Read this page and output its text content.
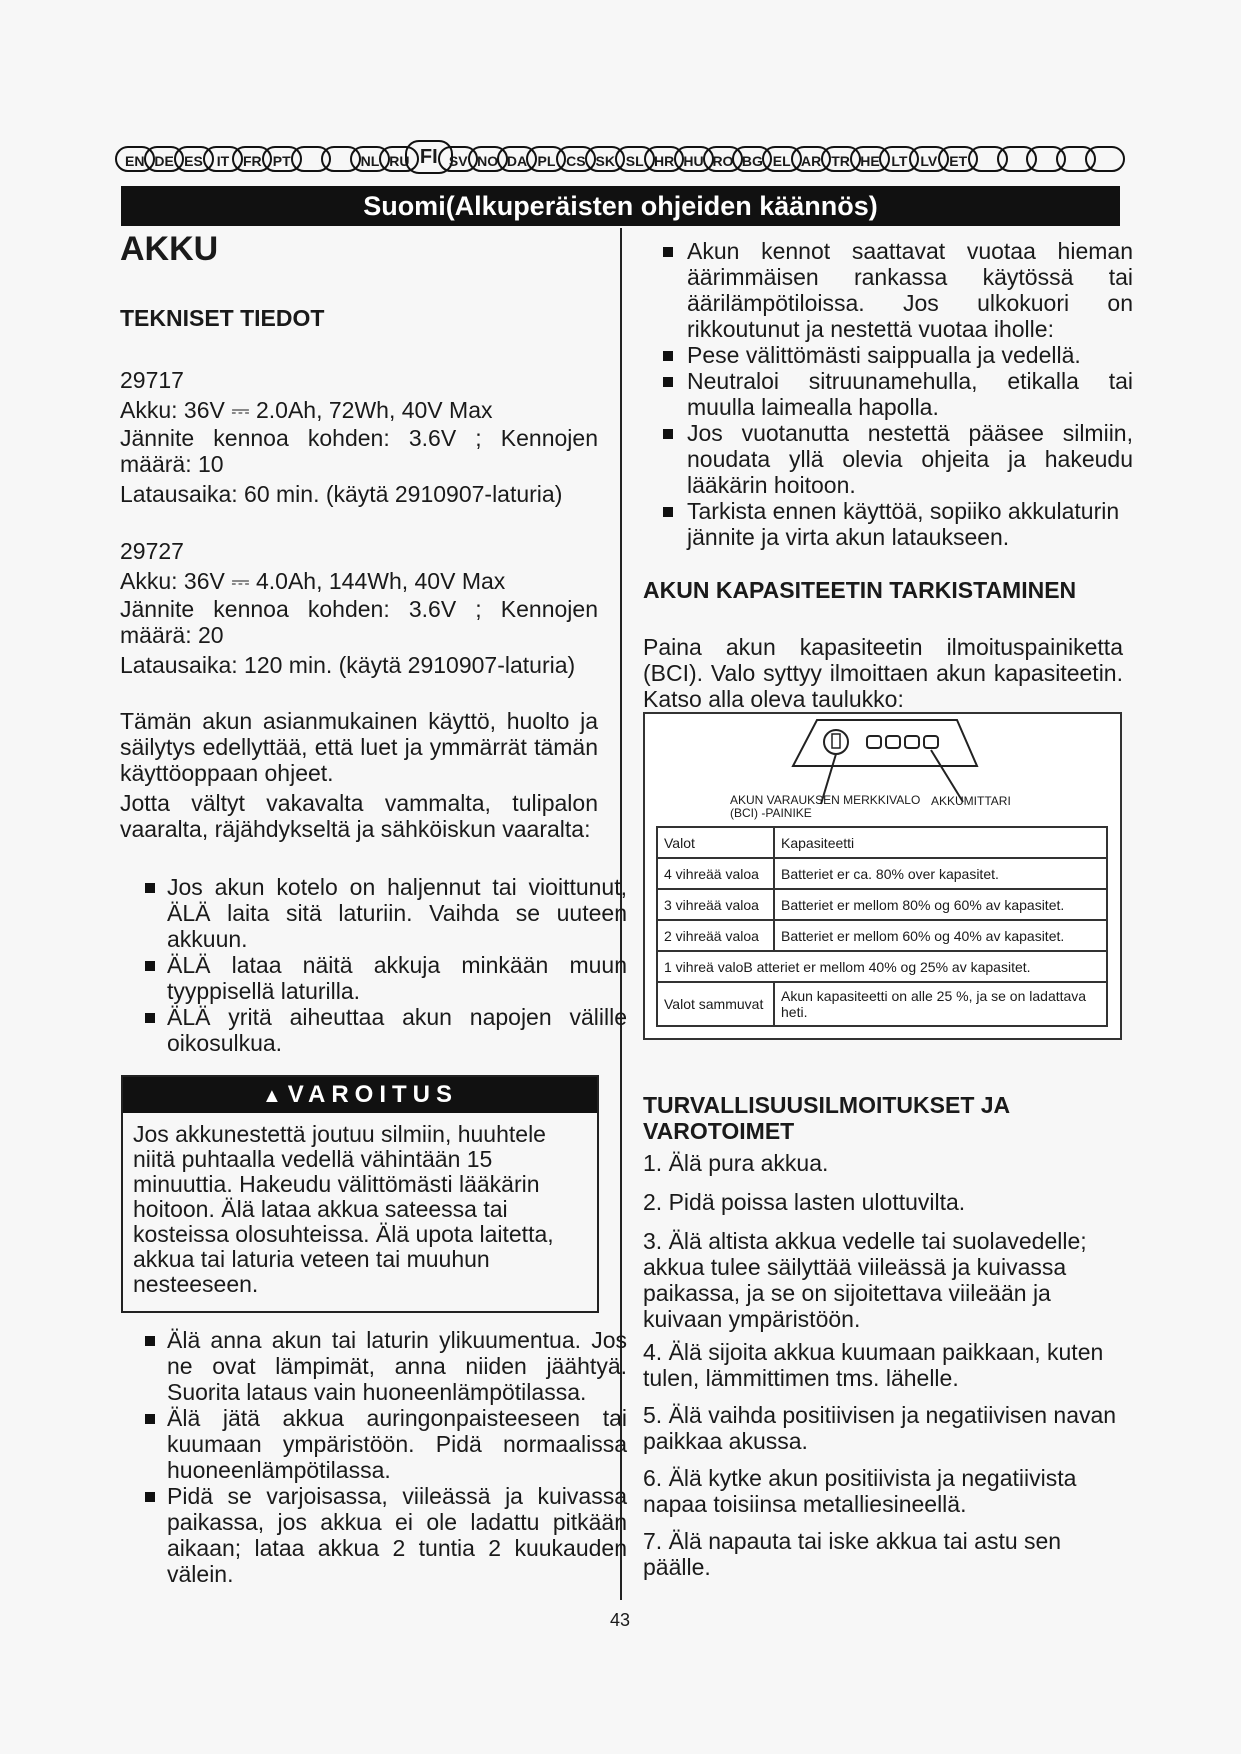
EN DE ES IT FR PT	NL RU FI SV NO DA PL CS SK SL HR HU RO BG EL AR TR HE LT LV ET
Suomi(Alkuperäisten ohjeiden käännös)
AKKU
TEKNISET TIEDOT
29717
Akku: 36V ⎓ 2.0Ah, 72Wh, 40V Max
Jännite kennoa kohden: 3.6V ; Kennojen määrä: 10
Latausaika: 60 min. (käytä 2910907-laturia)
29727
Akku: 36V ⎓ 4.0Ah, 144Wh, 40V Max
Jännite kennoa kohden: 3.6V ; Kennojen määrä: 20
Latausaika: 120 min. (käytä 2910907-laturia)
Tämän akun asianmukainen käyttö, huolto ja säilytys edellyttää, että luet ja ymmärrät tämän käyttöoppaan ohjeet.
Jotta vältyt vakavalta vammalta, tulipalon vaaralta, räjähdykseltä ja sähköiskun vaaralta:
Jos akun kotelo on haljennut tai vioittunut, ÄLÄ laita sitä laturiin. Vaihda se uuteen akkuun.
ÄLÄ lataa näitä akkuja minkään muun tyyppisellä laturilla.
ÄLÄ yritä aiheuttaa akun napojen välille oikosulkua.
▲ VAROITUS
Jos akkunestettä joutuu silmiin, huuhtele niitä puhtaalla vedellä vähintään 15 minuuttia. Hakeudu välittömästi lääkärin hoitoon. Älä lataa akkua sateessa tai kosteissa olosuhteissa. Älä upota laitetta, akkua tai laturia veteen tai muuhun nesteeseen.
Älä anna akun tai laturin ylikuumentua. Jos ne ovat lämpimät, anna niiden jäähtyä. Suorita lataus vain huoneenlämpötilassa.
Älä jätä akkua auringonpaisteeseen tai kuumaan ympäristöön. Pidä normaalissa huoneenlämpötilassa.
Pidä se varjoisassa, viileässä ja kuivassa paikassa, jos akkua ei ole ladattu pitkään aikaan; lataa akkua 2 tuntia 2 kuukauden välein.
Akun kennot saattavat vuotaa hieman äärimmäisen rankassa käytössä tai äärilämpötiloissa. Jos ulkokuori on rikkoutunut ja nestettä vuotaa iholle:
Pese välittömästi saippualla ja vedellä.
Neutraloi sitruunamehulla, etikalla tai muulla laimealla hapolla.
Jos vuotanutta nestettä pääsee silmiin, noudata yllä olevia ohjeita ja hakeudu lääkärin hoitoon.
Tarkista ennen käyttöä, sopiiko akkulaturin jännite ja virta akun lataukseen.
AKUN KAPASITEETIN TARKISTAMINEN
Paina akun kapasiteetin ilmoituspainiketta (BCI). Valo syttyy ilmoittaen akun kapasiteetin. Katso alla oleva taulukko:
AKUN VARAUKSEN MERKKIVALO (BCI) -PAINIKE
AKKUMITTARI
Valot	Kapasiteetti
4 vihreää valoa	Batteriet er ca. 80% over kapasitet.
3 vihreää valoa	Batteriet er mellom 80% og 60% av kapasitet.
2 vihreää valoa	Batteriet er mellom 60% og 40% av kapasitet.
1 vihreä valoB atteriet er mellom 40% og 25% av kapasitet.	
Valot sammuvat	Akun kapasiteetti on alle 25 %, ja se on ladattava heti.
TURVALLISUUSILMOITUKSET JA VAROTOIMET
1. Älä pura akkua.
2. Pidä poissa lasten ulottuvilta.
3. Älä altista akkua vedelle tai suolavedelle; akkua tulee säilyttää viileässä ja kuivassa paikassa, ja se on sijoitettava viileään ja kuivaan ympäristöön.
4. Älä sijoita akkua kuumaan paikkaan, kuten tulen, lämmittimen tms. lähelle.
5. Älä vaihda positiivisen ja negatiivisen navan paikkaa akussa.
6. Älä kytke akun positiivista ja negatiivista napaa toisiinsa metalliesineellä.
7. Älä napauta tai iske akkua tai astu sen päälle.
43
